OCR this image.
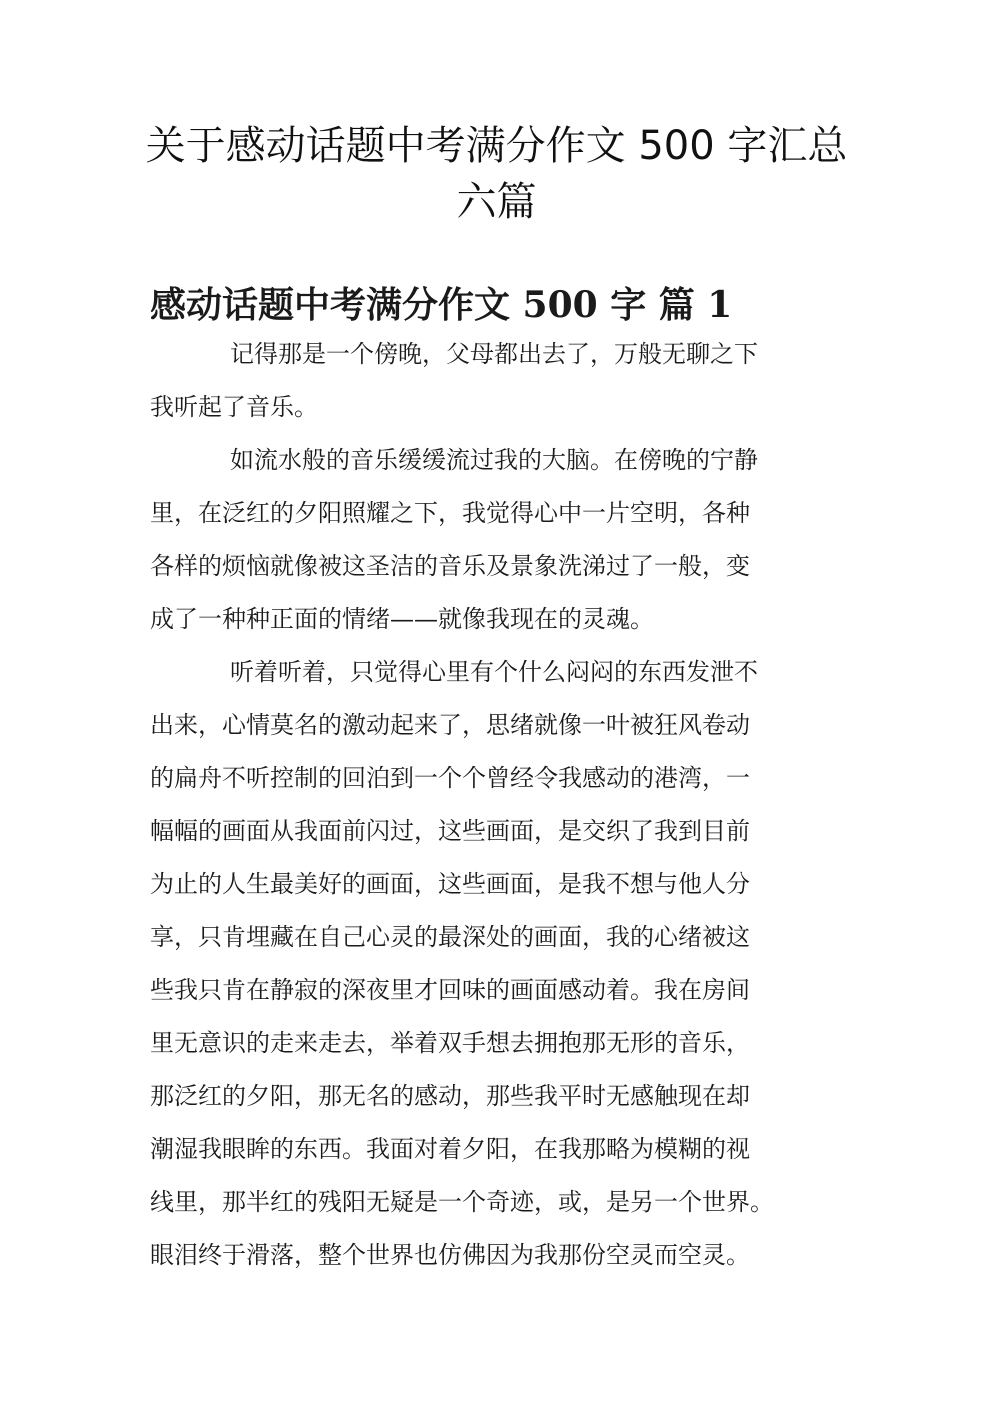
关于感动话题中考满分作文 500 字汇总
六篇
感动话题中考满分作文 500 字 篇 1
记得那是一个傍晚，父母都出去了，万般无聊之下
我听起了音乐。
如流水般的音乐缓缓流过我的大脑。在傍晚的宁静
里，在泛红的夕阳照耀之下，我觉得心中一片空明，各种
各样的烦恼就像被这圣洁的音乐及景象洗涕过了一般，变
成了一种种正面的情绪——就像我现在的灵魂。
听着听着，只觉得心里有个什么闷闷的东西发泄不
出来，心情莫名的激动起来了，思绪就像一叶被狂风卷动
的扁舟不听控制的回泊到一个个曾经令我感动的港湾，一
幅幅的画面从我面前闪过，这些画面，是交织了我到目前
为止的人生最美好的画面，这些画面，是我不想与他人分
享，只肯埋藏在自己心灵的最深处的画面，我的心绪被这
些我只肯在静寂的深夜里才回味的画面感动着。我在房间
里无意识的走来走去，举着双手想去拥抱那无形的音乐，
那泛红的夕阳，那无名的感动，那些我平时无感触现在却
潮湿我眼眸的东西。我面对着夕阳，在我那略为模糊的视
线里，那半红的残阳无疑是一个奇迹，或，是另一个世界。
眼泪终于滑落，整个世界也仿佛因为我那份空灵而空灵。
